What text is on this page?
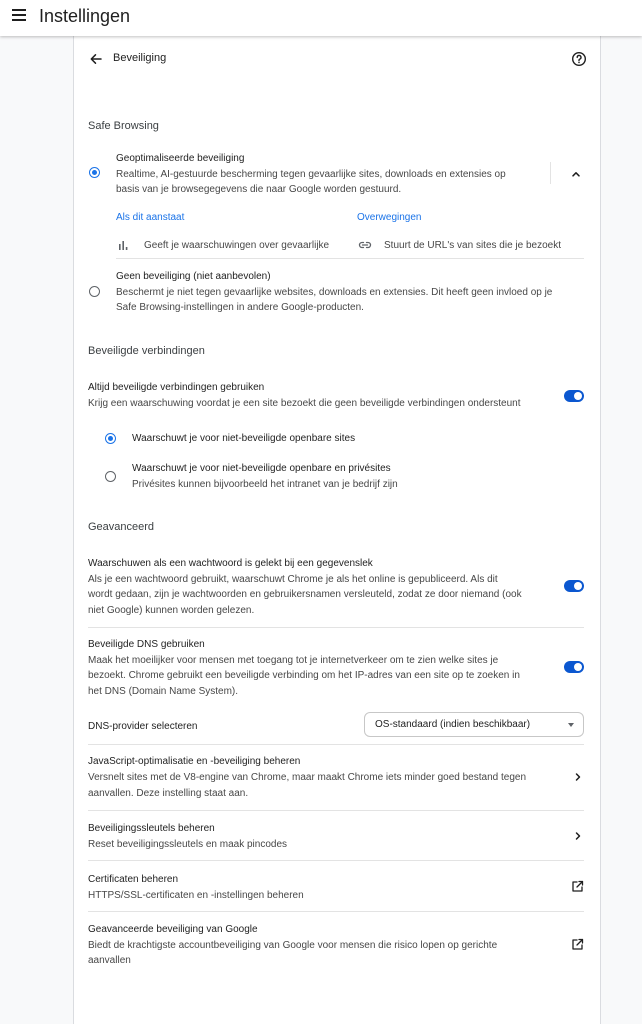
Instellingen
Beveiliging
Safe Browsing
Geoptimaliseerde beveiliging
Realtime, AI-gestuurde bescherming tegen gevaarlijke sites, downloads en extensies op
basis van je browsegegevens die naar Google worden gestuurd.
Als dit aanstaat	Overwegingen
Geeft je waarschuwingen over gevaarlijke	Stuurt de URL's van sites die je bezoekt
Geen beveiliging (niet aanbevolen)
Beschermt je niet tegen gevaarlijke websites, downloads en extensies. Dit heeft geen invloed op je
Safe Browsing-instellingen in andere Google-producten.
Beveiligde verbindingen
Altijd beveiligde verbindingen gebruiken
Krijg een waarschuwing voordat je een site bezoekt die geen beveiligde verbindingen ondersteunt
Waarschuwt je voor niet-beveiligde openbare sites
Waarschuwt je voor niet-beveiligde openbare en privésites
Privésites kunnen bijvoorbeeld het intranet van je bedrijf zijn
Geavanceerd
Waarschuwen als een wachtwoord is gelekt bij een gegevenslek
Als je een wachtwoord gebruikt, waarschuwt Chrome je als het online is gepubliceerd. Als dit
wordt gedaan, zijn je wachtwoorden en gebruikersnamen versleuteld, zodat ze door niemand (ook
niet Google) kunnen worden gelezen.
Beveiligde DNS gebruiken
Maak het moeilijker voor mensen met toegang tot je internetverkeer om te zien welke sites je
bezoekt. Chrome gebruikt een beveiligde verbinding om het IP-adres van een site op te zoeken in
het DNS (Domain Name System).
DNS-provider selecteren	OS-standaard (indien beschikbaar)
JavaScript-optimalisatie en -beveiliging beheren
Versnelt sites met de V8-engine van Chrome, maar maakt Chrome iets minder goed bestand tegen
aanvallen. Deze instelling staat aan.
Beveiligingssleutels beheren
Reset beveiligingssleutels en maak pincodes
Certificaten beheren
HTTPS/SSL-certificaten en -instellingen beheren
Geavanceerde beveiliging van Google
Biedt de krachtigste accountbeveiliging van Google voor mensen die risico lopen op gerichte
aanvallen
